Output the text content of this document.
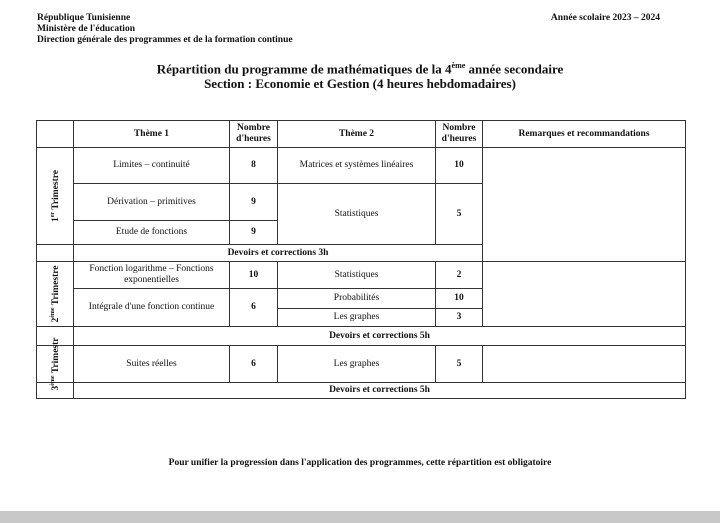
République Tunisienne
Ministère de l'éducation
Direction générale des programmes et de la formation continue
Année scolaire 2023 – 2024
Répartition du programme de mathématiques de la 4ème année secondaire
Section : Economie et Gestion (4 heures hebdomadaires)
	Thème 1	Nombre d'heures	Thème 2	Nombre d'heures	Remarques et recommandations

1er Trimestre	Limites – continuité	8	Matrices et systèmes linéaires	10	
	Dérivation – primitives	9	Statistiques	5	
	Etude de fonctions	9			
	Devoirs et corrections 3h				

2ème Trimestre	Fonction logarithme – Fonctions exponentielles	10	Statistiques	2	
	Intégrale d'une fonction continue	6	Probabilités	10	
			Les graphes	3	
	Devoirs et corrections 5h				

3ème Trimestr	Suites réelles	6	Les graphes	5	
	Devoirs et corrections 5h				
Pour unifier la progression dans l'application des programmes, cette répartition est obligatoire
